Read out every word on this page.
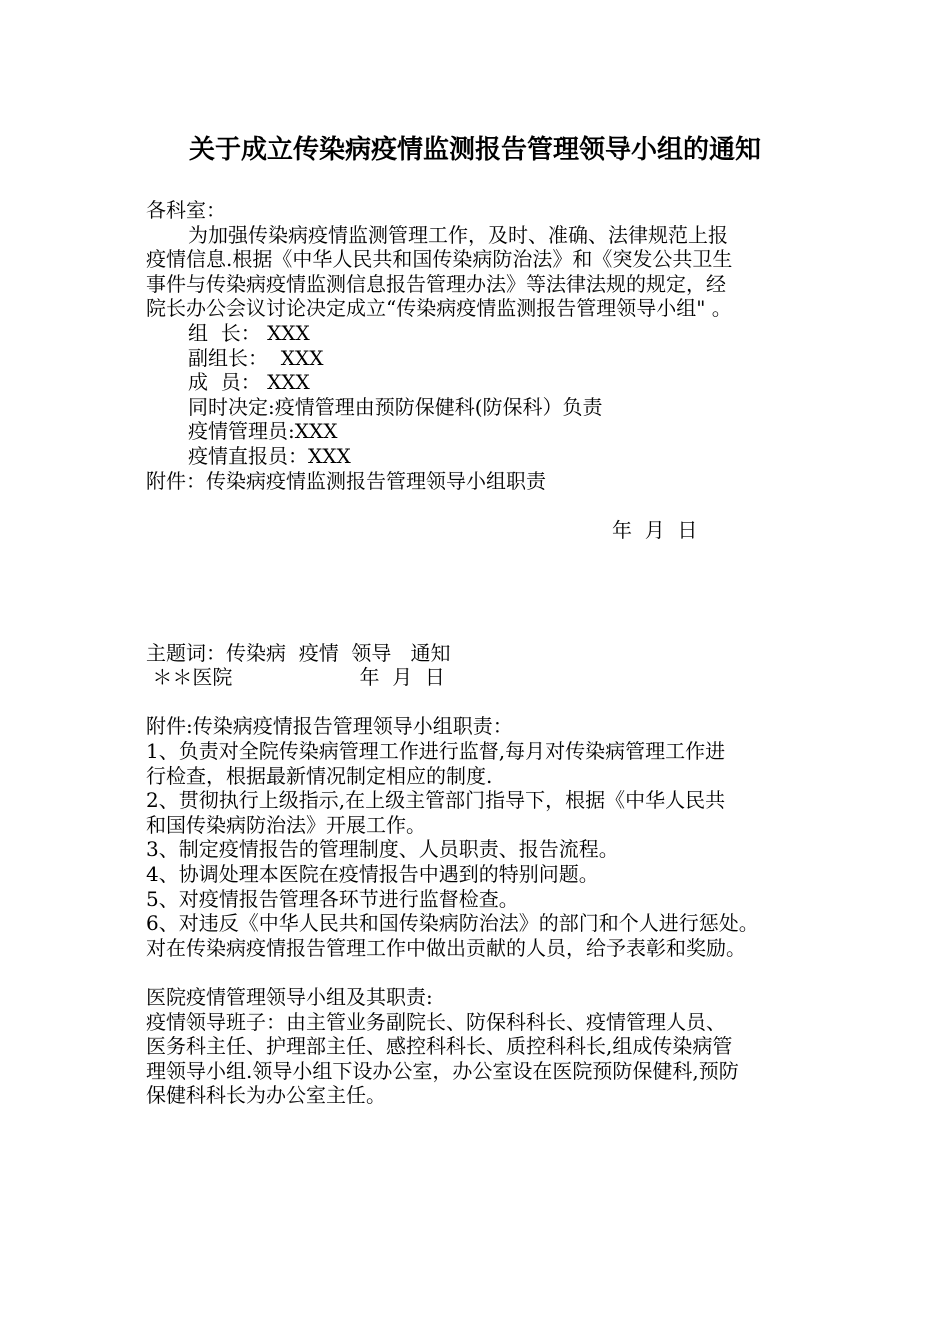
关于成立传染病疫情监测报告管理领导小组的通知
各科室：
为加强传染病疫情监测管理工作，及时、准确、法律规范上报
疫情信息.根据《中华人民共和国传染病防治法》和《突发公共卫生
事件与传染病疫情监测信息报告管理办法》等法律法规的规定，经
院长办公会议讨论决定成立“传染病疫情监测报告管理领导小组" 。
组  长： XXX
副组长：  XXX
成  员： XXX
同时决定:疫情管理由预防保健科(防保科）负责
疫情管理员:XXX
疫情直报员：XXX
附件：传染病疫情监测报告管理领导小组职责
年  月  日
主题词：传染病  疫情  领导   通知
＊＊医院                    年  月  日
附件:传染病疫情报告管理领导小组职责：
1、负责对全院传染病管理工作进行监督,每月对传染病管理工作进
行检查，根据最新情况制定相应的制度.
2、贯彻执行上级指示,在上级主管部门指导下，根据《中华人民共
和国传染病防治法》开展工作。
3、制定疫情报告的管理制度、人员职责、报告流程。
4、协调处理本医院在疫情报告中遇到的特别问题。
5、对疫情报告管理各环节进行监督检查。
6、对违反《中华人民共和国传染病防治法》的部门和个人进行惩处。
对在传染病疫情报告管理工作中做出贡献的人员，给予表彰和奖励。
医院疫情管理领导小组及其职责:
疫情领导班子：由主管业务副院长、防保科科长、疫情管理人员、
医务科主任、护理部主任、感控科科长、质控科科长,组成传染病管
理领导小组.领导小组下设办公室，办公室设在医院预防保健科,预防
保健科科长为办公室主任。
